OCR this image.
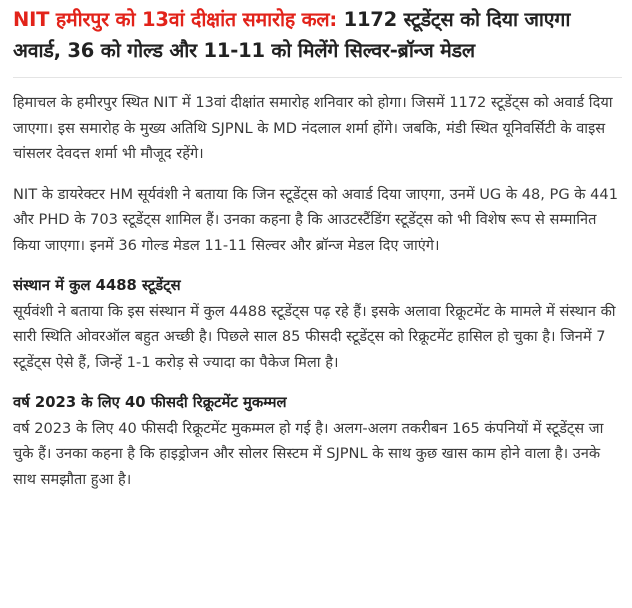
NIT हमीरपुर को 13वां दीक्षांत समारोह कल: 1172 स्टूडेंट्स को दिया जाएगा अवार्ड, 36 को गोल्ड और 11-11 को मिलेंगे सिल्वर-ब्रॉन्ज मेडल

हिमाचल के हमीरपुर स्थित NIT में 13वां दीक्षांत समारोह शनिवार को होगा। जिसमें 1172 स्टूडेंट्स को अवार्ड दिया जाएगा। इस समारोह के मुख्य अतिथि SJPNL के MD नंदलाल शर्मा होंगे। जबकि, मंडी स्थित यूनिवर्सिटी के वाइस चांसलर देवदत्त शर्मा भी मौजूद रहेंगे।

NIT के डायरेक्टर HM सूर्यवंशी ने बताया कि जिन स्टूडेंट्स को अवार्ड दिया जाएगा, उनमें UG के 48, PG के 441 और PHD के 703 स्टूडेंट्स शामिल हैं। उनका कहना है कि आउटस्टैंडिंग स्टूडेंट्स को भी विशेष रूप से सम्मानित किया जाएगा। इनमें 36 गोल्ड मेडल 11-11 सिल्वर और ब्रॉन्ज मेडल दिए जाएंगे।

संस्थान में कुल 4488 स्टूडेंट्स

सूर्यवंशी ने बताया कि इस संस्थान में कुल 4488 स्टूडेंट्स पढ़ रहे हैं। इसके अलावा रिक्रूटमेंट के मामले में संस्थान की सारी स्थिति ओवरऑल बहुत अच्छी है। पिछले साल 85 फीसदी स्टूडेंट्स को रिक्रूटमेंट हासिल हो चुका है। जिनमें 7 स्टूडेंट्स ऐसे हैं, जिन्हें 1-1 करोड़ से ज्यादा का पैकेज मिला है।

वर्ष 2023 के लिए 40 फीसदी रिक्रूटमेंट मुकम्मल

वर्ष 2023 के लिए 40 फीसदी रिक्रूटमेंट मुकम्मल हो गई है। अलग-अलग तकरीबन 165 कंपनियों में स्टूडेंट्स जा चुके हैं। उनका कहना है कि हाइड्रोजन और सोलर सिस्टम में SJPNL के साथ कुछ खास काम होने वाला है। उनके साथ समझौता हुआ है।
